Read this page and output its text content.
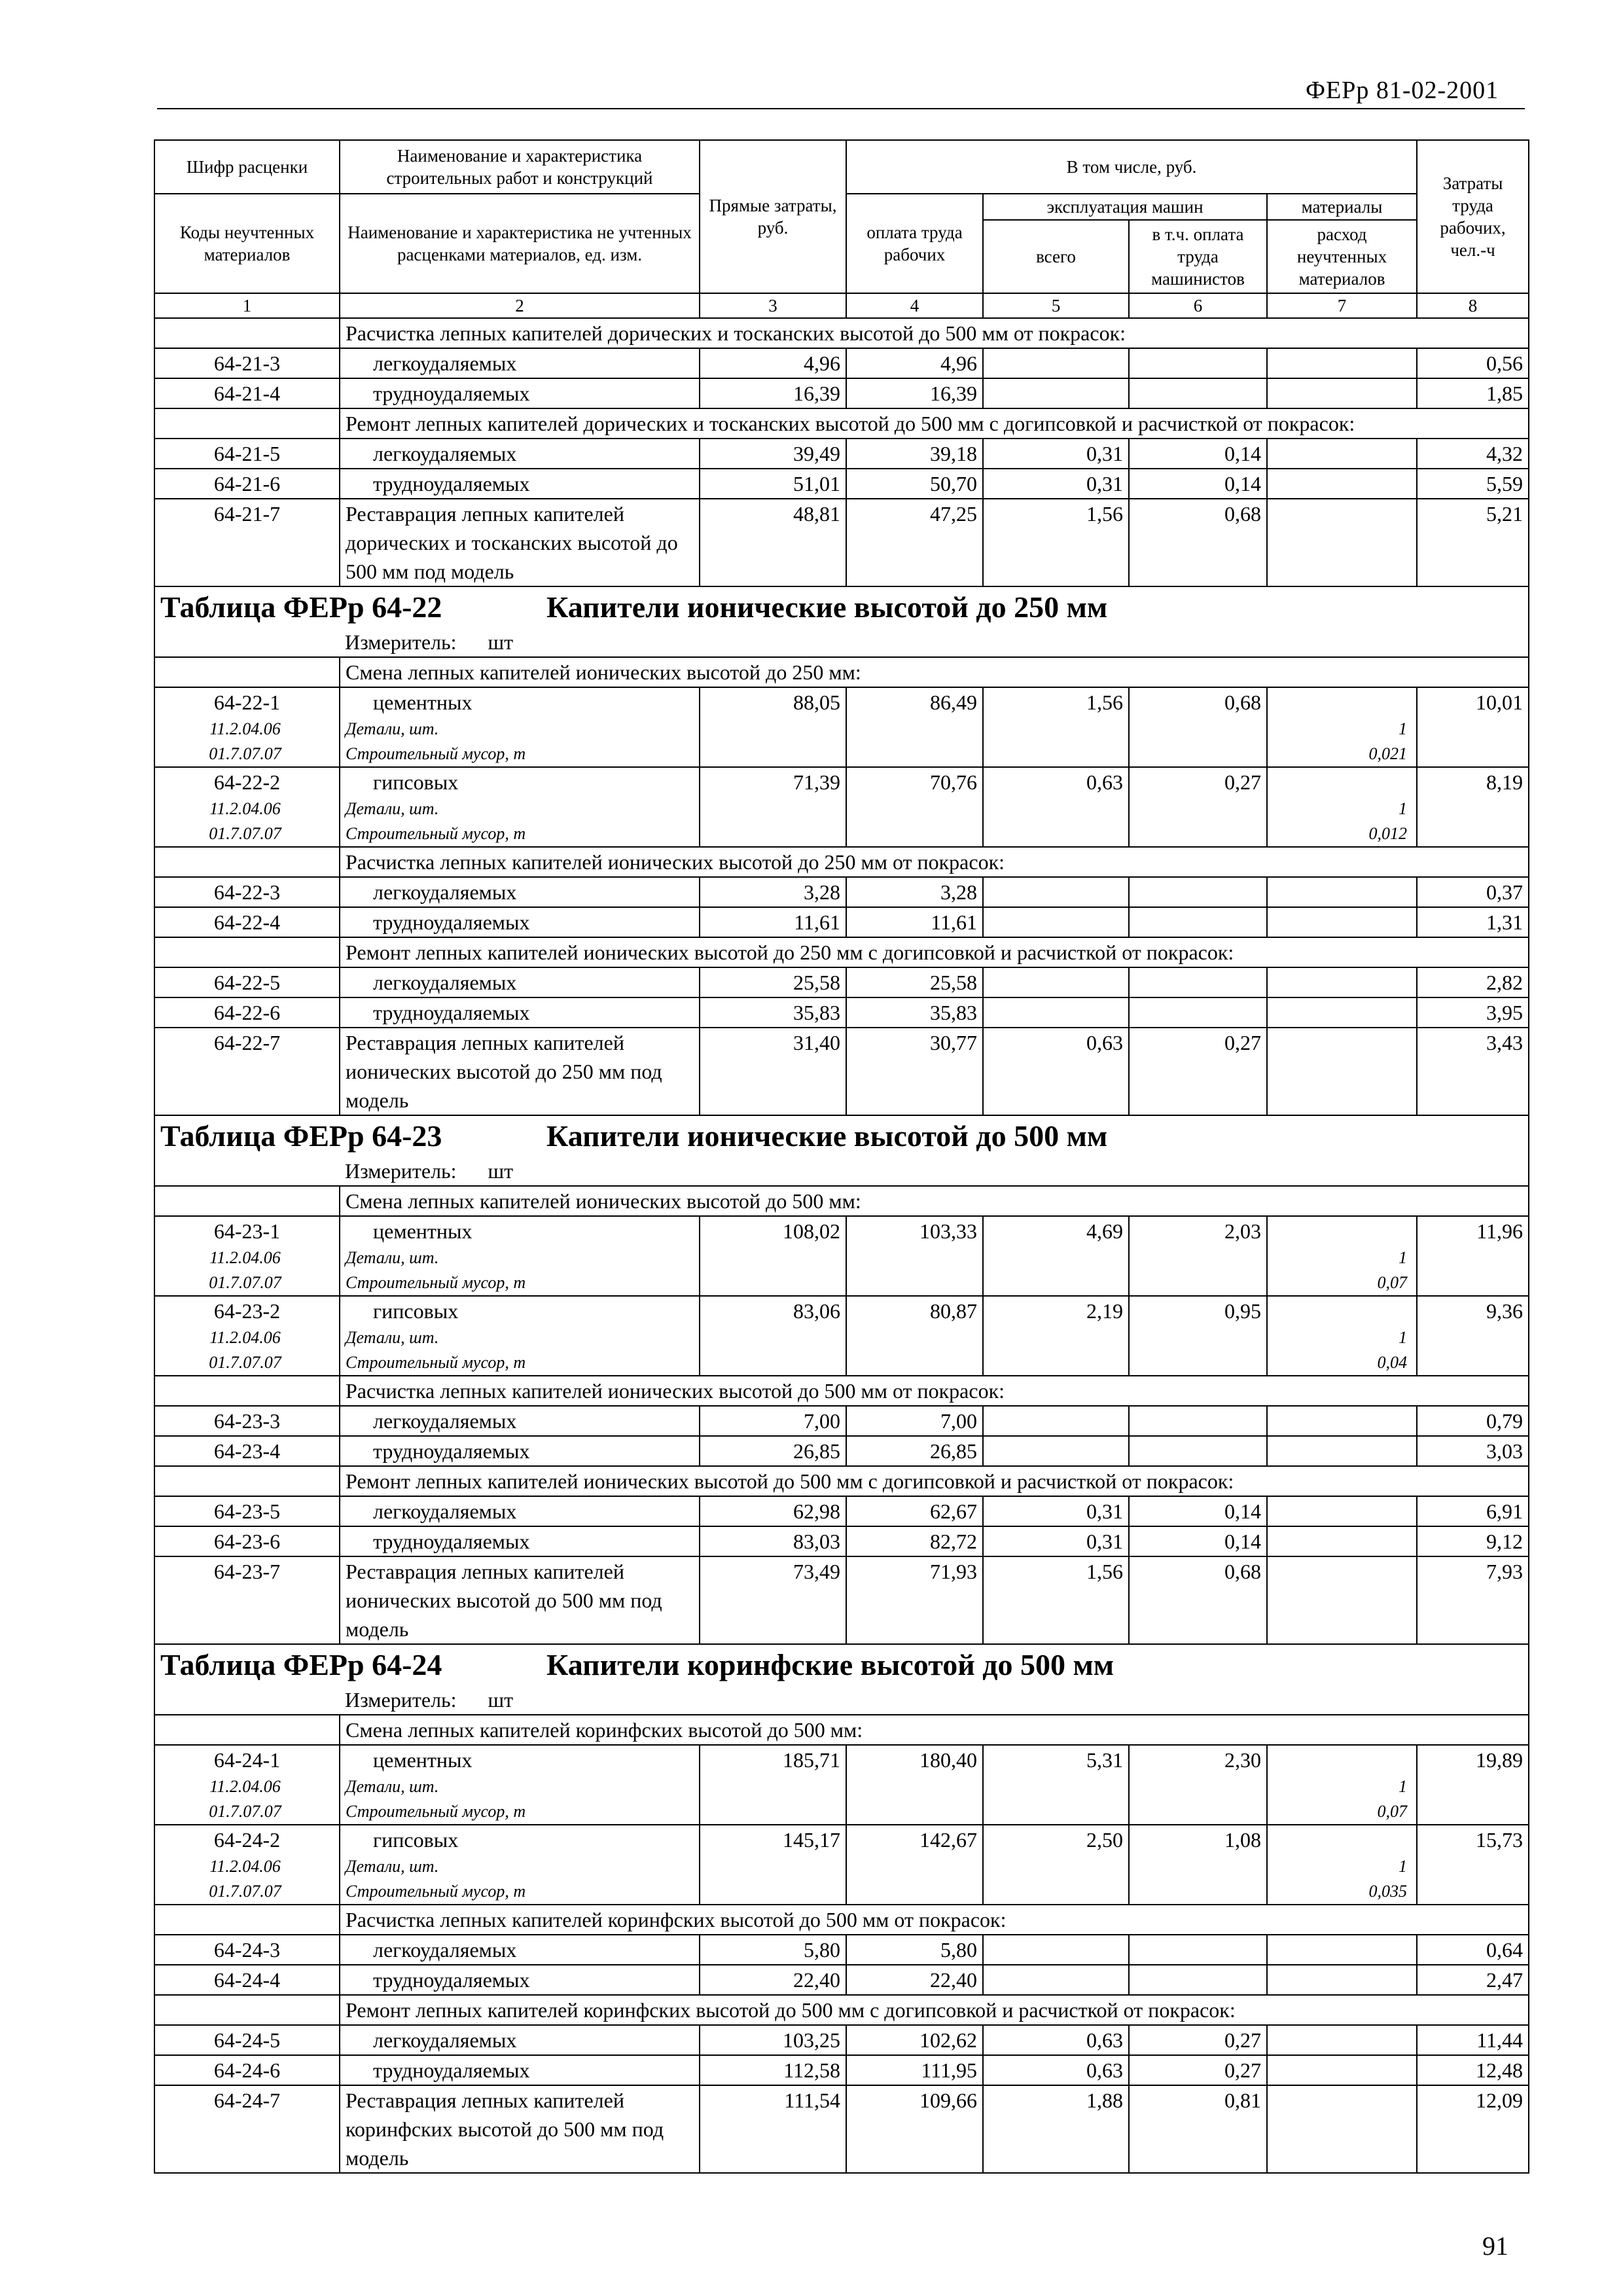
ФЕРр 81-02-2001
Шифр расценки	Наименование и характеристика строительных работ и конструкций	Прямые затраты, руб.	В том числе, руб.				Затраты труда рабочих, чел.-ч
Коды неучтенных материалов	Наименование и характеристика не учтенных расценками материалов, ед. изм.		оплата труда рабочих	эксплуатация машин		материалы	
				всего	в т.ч. оплата труда машинистов	расход неучтенных материалов	
1	2	3	4	5	6	7	8
	Расчистка лепных капителей дорических и тосканских высотой до 500 мм от покрасок:						
64-21-3	легкоудаляемых	4,96	4,96				0,56
64-21-4	трудноудаляемых	16,39	16,39				1,85
	Ремонт лепных капителей дорических и тосканских высотой до 500 мм с догипсовкой и расчисткой от покрасок:						
64-21-5	легкоудаляемых	39,49	39,18	0,31	0,14		4,32
64-21-6	трудноудаляемых	51,01	50,70	0,31	0,14		5,59
64-21-7	Реставрация лепных капителей дорических и тосканских высотой до 500 мм под модель	48,81	47,25	1,56	0,68		5,21
Таблица ФЕРр 64-22 Капители ионические высотой до 250 мм							
Измеритель: шт							
	Смена лепных капителей ионических высотой до 250 мм:						
64-22-1	цементных	88,05	86,49	1,56	0,68		10,01
11.2.04.06	Детали, шт.					1	
01.7.07.07	Строительный мусор, т					0,021	
64-22-2	гипсовых	71,39	70,76	0,63	0,27		8,19
11.2.04.06	Детали, шт.					1	
01.7.07.07	Строительный мусор, т					0,012	
	Расчистка лепных капителей ионических высотой до 250 мм от покрасок:						
64-22-3	легкоудаляемых	3,28	3,28				0,37
64-22-4	трудноудаляемых	11,61	11,61				1,31
	Ремонт лепных капителей ионических высотой до 250 мм с догипсовкой и расчисткой от покрасок:						
64-22-5	легкоудаляемых	25,58	25,58				2,82
64-22-6	трудноудаляемых	35,83	35,83				3,95
64-22-7	Реставрация лепных капителей ионических высотой до 250 мм под модель	31,40	30,77	0,63	0,27		3,43
Таблица ФЕРр 64-23 Капители ионические высотой до 500 мм							
Измеритель: шт							
	Смена лепных капителей ионических высотой до 500 мм:						
64-23-1	цементных	108,02	103,33	4,69	2,03		11,96
11.2.04.06	Детали, шт.					1	
01.7.07.07	Строительный мусор, т					0,07	
64-23-2	гипсовых	83,06	80,87	2,19	0,95		9,36
11.2.04.06	Детали, шт.					1	
01.7.07.07	Строительный мусор, т					0,04	
	Расчистка лепных капителей ионических высотой до 500 мм от покрасок:						
64-23-3	легкоудаляемых	7,00	7,00				0,79
64-23-4	трудноудаляемых	26,85	26,85				3,03
	Ремонт лепных капителей ионических высотой до 500 мм с догипсовкой и расчисткой от покрасок:						
64-23-5	легкоудаляемых	62,98	62,67	0,31	0,14		6,91
64-23-6	трудноудаляемых	83,03	82,72	0,31	0,14		9,12
64-23-7	Реставрация лепных капителей ионических высотой до 500 мм под модель	73,49	71,93	1,56	0,68		7,93
Таблица ФЕРр 64-24 Капители коринфские высотой до 500 мм							
Измеритель: шт							
	Смена лепных капителей коринфских высотой до 500 мм:						
64-24-1	цементных	185,71	180,40	5,31	2,30		19,89
11.2.04.06	Детали, шт.					1	
01.7.07.07	Строительный мусор, т					0,07	
64-24-2	гипсовых	145,17	142,67	2,50	1,08		15,73
11.2.04.06	Детали, шт.					1	
01.7.07.07	Строительный мусор, т					0,035	
	Расчистка лепных капителей коринфских высотой до 500 мм от покрасок:						
64-24-3	легкоудаляемых	5,80	5,80				0,64
64-24-4	трудноудаляемых	22,40	22,40				2,47
	Ремонт лепных капителей коринфских высотой до 500 мм с догипсовкой и расчисткой от покрасок:						
64-24-5	легкоудаляемых	103,25	102,62	0,63	0,27		11,44
64-24-6	трудноудаляемых	112,58	111,95	0,63	0,27		12,48
64-24-7	Реставрация лепных капителей коринфских высотой до 500 мм под модель	111,54	109,66	1,88	0,81		12,09
91
